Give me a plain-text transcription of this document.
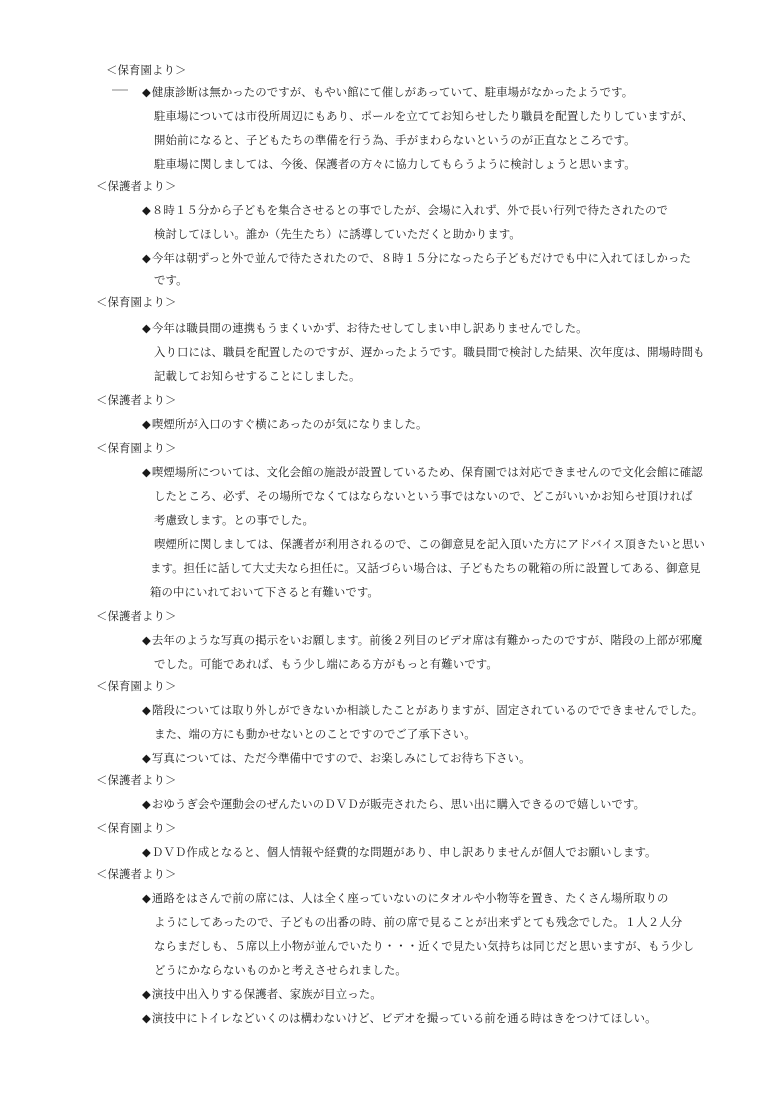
＜保育園より＞
◆健康診断は無かったのですが、もやい館にて催しがあっていて、駐車場がなかったようです。
駐車場については市役所周辺にもあり、ポールを立ててお知らせしたり職員を配置したりしていますが、
開始前になると、子どもたちの準備を行う為、手がまわらないというのが正直なところです。
駐車場に関しましては、今後、保護者の方々に協力してもらうように検討しょうと思います。
＜保護者より＞
◆８時１５分から子どもを集合させるとの事でしたが、会場に入れず、外で長い行列で待たされたので
検討してほしい。誰か（先生たち）に誘導していただくと助かります。
◆今年は朝ずっと外で並んで待たされたので、８時１５分になったら子どもだけでも中に入れてほしかった
です。
＜保育園より＞
◆今年は職員間の連携もうまくいかず、お待たせしてしまい申し訳ありませんでした。
入り口には、職員を配置したのですが、遅かったようです。職員間で検討した結果、次年度は、開場時間も
記載してお知らせすることにしました。
＜保護者より＞
◆喫煙所が入口のすぐ横にあったのが気になりました。
＜保育園より＞
◆喫煙場所については、文化会館の施設が設置しているため、保育園では対応できませんので文化会館に確認
したところ、必ず、その場所でなくてはならないという事ではないので、どこがいいかお知らせ頂ければ
考慮致します。との事でした。
喫煙所に関しましては、保護者が利用されるので、この御意見を記入頂いた方にアドバイス頂きたいと思い
ます。担任に話して大丈夫なら担任に。又話づらい場合は、子どもたちの靴箱の所に設置してある、御意見
箱の中にいれておいて下さると有難いです。
＜保護者より＞
◆去年のような写真の掲示をいお願します。前後２列目のビデオ席は有難かったのですが、階段の上部が邪魔
でした。可能であれば、もう少し端にある方がもっと有難いです。
＜保育園より＞
◆階段については取り外しができないか相談したことがありますが、固定されているのでできませんでした。
また、端の方にも動かせないとのことですのでご了承下さい。
◆写真については、ただ今準備中ですので、お楽しみにしてお待ち下さい。
＜保護者より＞
◆おゆうぎ会や運動会のぜんたいのＤＶＤが販売されたら、思い出に購入できるので嬉しいです。
＜保育園より＞
◆ＤＶＤ作成となると、個人情報や経費的な問題があり、申し訳ありませんが個人でお願いします。
＜保護者より＞
◆通路をはさんで前の席には、人は全く座っていないのにタオルや小物等を置き、たくさん場所取りの
ようにしてあったので、子どもの出番の時、前の席で見ることが出来ずとても残念でした。１人２人分
ならまだしも、５席以上小物が並んでいたり・・・近くで見たい気持ちは同じだと思いますが、もう少し
どうにかならないものかと考えさせられました。
◆演技中出入りする保護者、家族が目立った。
◆演技中にトイレなどいくのは構わないけど、ビデオを撮っている前を通る時はきをつけてほしい。
